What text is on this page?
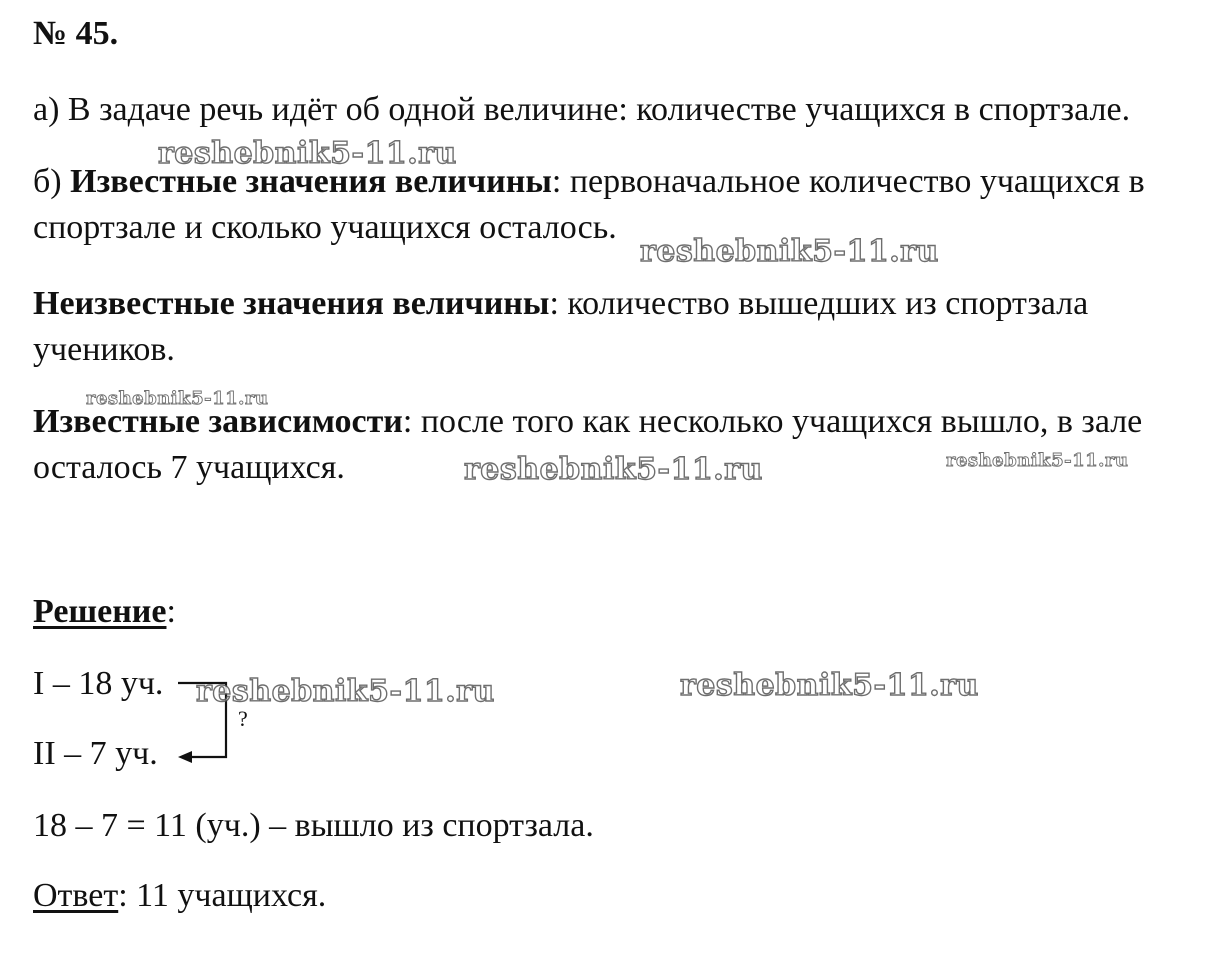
№ 45.
а) В задаче речь идёт об одной величине: количестве учащихся в спортзале.
б) Известные значения величины: первоначальное количество учащихся в
спортзале и сколько учащихся осталось.
Неизвестные значения величины: количество вышедших из спортзала
учеников.
Известные зависимости: после того как несколько учащихся вышло, в зале
осталось 7 учащихся.
Решение:
I – 18 уч.
II – 7 уч.
?
18 – 7 = 11 (уч.) – вышло из спортзала.
Ответ: 11 учащихся.
reshebnik5-11.ru
reshebnik5-11.ru
reshebnik5-11.ru
reshebnik5-11.ru	reshebnik5-11.ru
reshebnik5-11.ru	reshebnik5-11.ru
